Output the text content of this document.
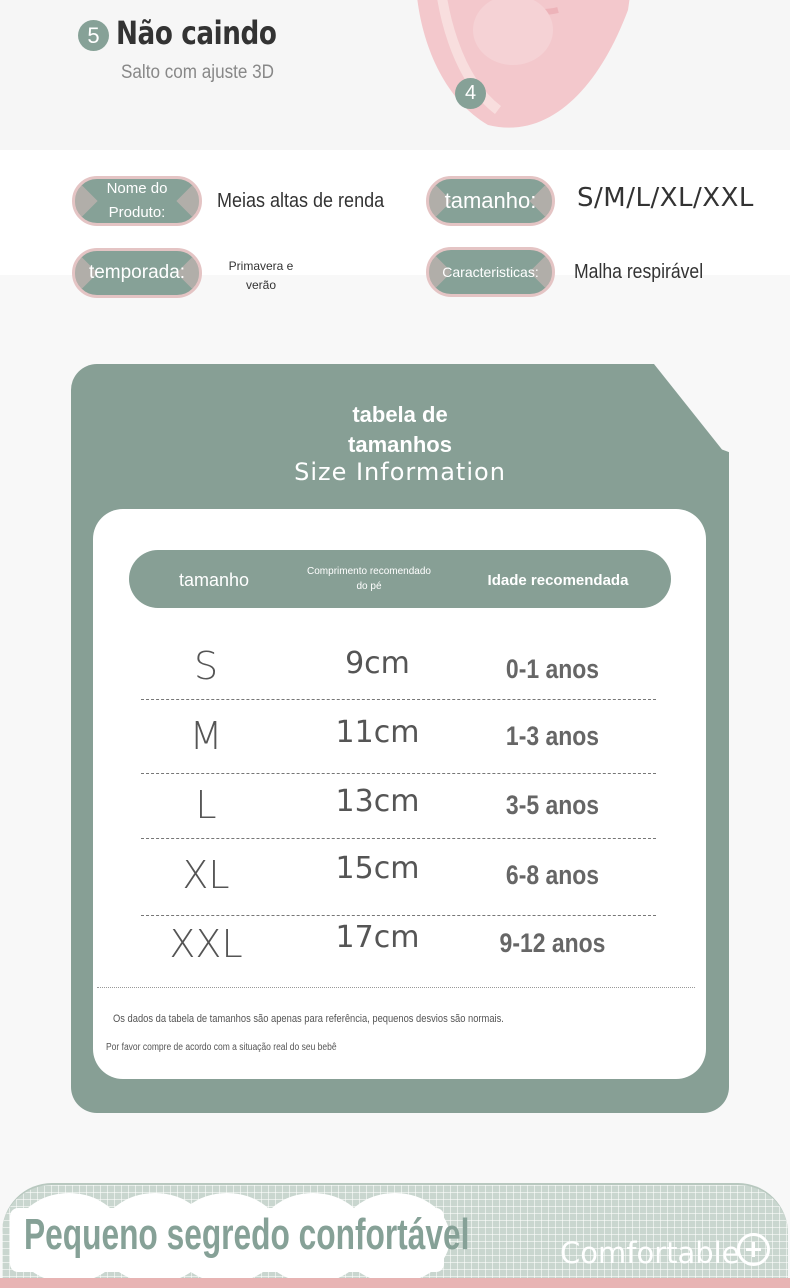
4
5 Não caindo
Salto com ajuste 3D
Nome do Produto:
Meias altas de renda	tamanho: S/M/L/XL/XXL
temporada:	Primavera e verão
Caracteristicas: Malha respirável
tabela de
tamanhos
Size Information
tamanho	Comprimento recomendado do pé	Idade recomendada
S	9cm	0-1 anos
M	11cm	1-3 anos
L	13cm	3-5 anos
XL	15cm	6-8 anos
XXL	17cm	9-12 anos
Os dados da tabela de tamanhos são apenas para referência, pequenos desvios são normais.
Por favor compre de acordo com a situação real do seu bebê
Pequeno segredo confortável	Comfortable
